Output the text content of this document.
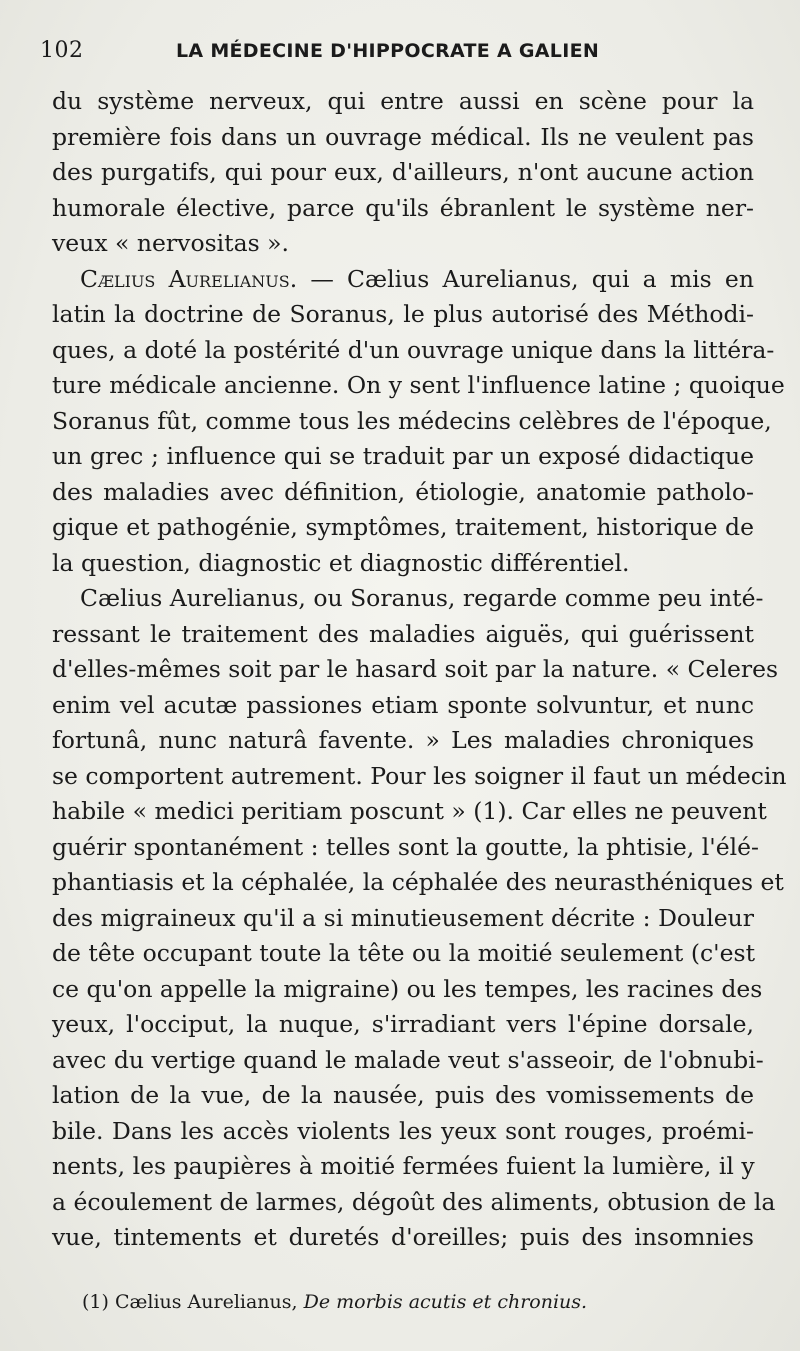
102	LA MÉDECINE D'HIPPOCRATE A GALIEN
du système nerveux, qui entre aussi en scène pour la
première fois dans un ouvrage médical. Ils ne veulent pas
des purgatifs, qui pour eux, d'ailleurs, n'ont aucune action
humorale élective, parce qu'ils ébranlent le système ner-
veux « nervositas ».
Cælius Aurelianus. — Cælius Aurelianus, qui a mis en
latin la doctrine de Soranus, le plus autorisé des Méthodi-
ques, a doté la postérité d'un ouvrage unique dans la littéra-
ture médicale ancienne. On y sent l'influence latine ; quoique
Soranus fût, comme tous les médecins celèbres de l'époque,
un grec ; influence qui se traduit par un exposé didactique
des maladies avec définition, étiologie, anatomie patholo-
gique et pathogénie, symptômes, traitement, historique de
la question, diagnostic et diagnostic différentiel.
Cælius Aurelianus, ou Soranus, regarde comme peu inté-
ressant le traitement des maladies aiguës, qui guérissent
d'elles-mêmes soit par le hasard soit par la nature. « Celeres
enim vel acutæ passiones etiam sponte solvuntur, et nunc
fortunâ, nunc naturâ favente. » Les maladies chroniques
se comportent autrement. Pour les soigner il faut un médecin
habile « medici peritiam poscunt » (1). Car elles ne peuvent
guérir spontanément : telles sont la goutte, la phtisie, l'élé-
phantiasis et la céphalée, la céphalée des neurasthéniques et
des migraineux qu'il a si minutieusement décrite : Douleur
de tête occupant toute la tête ou la moitié seulement (c'est
ce qu'on appelle la migraine) ou les tempes, les racines des
yeux, l'occiput, la nuque, s'irradiant vers l'épine dorsale,
avec du vertige quand le malade veut s'asseoir, de l'obnubi-
lation de la vue, de la nausée, puis des vomissements de
bile. Dans les accès violents les yeux sont rouges, proémi-
nents, les paupières à moitié fermées fuient la lumière, il y
a écoulement de larmes, dégoût des aliments, obtusion de la
vue, tintements et duretés d'oreilles; puis des insomnies
(1) Cælius Aurelianus, De morbis acutis et chronius.
